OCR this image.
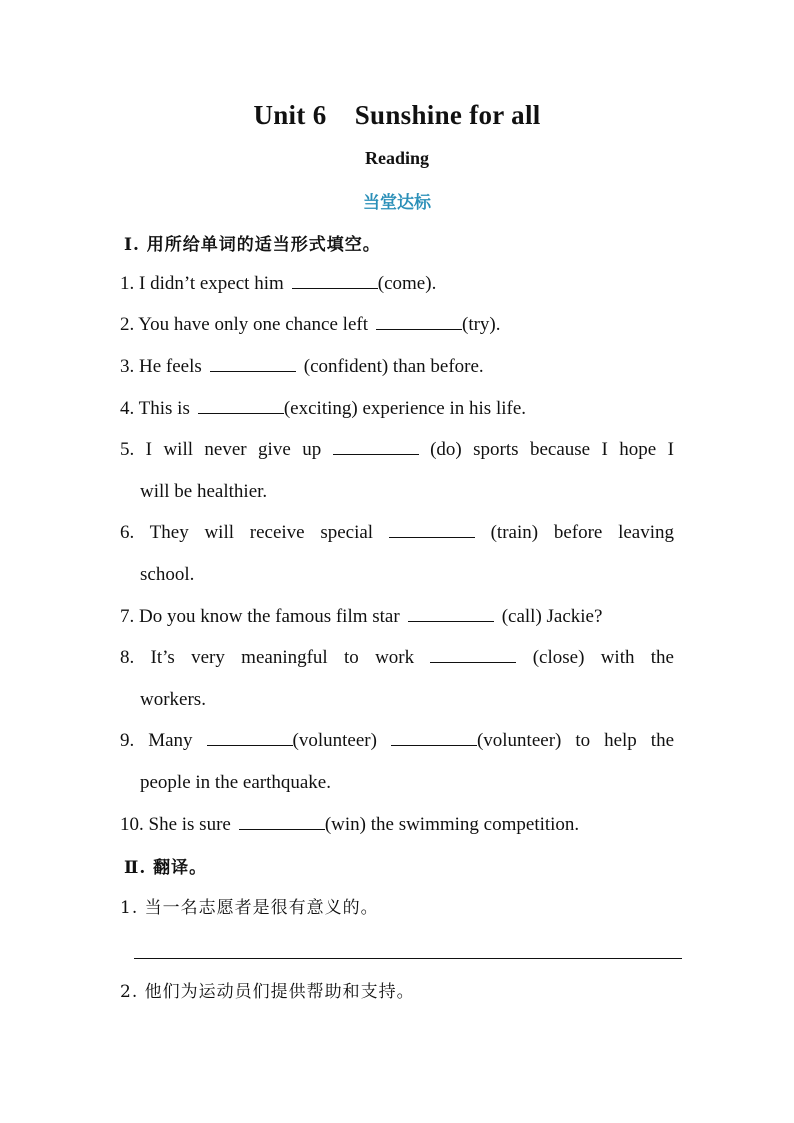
Unit 6    Sunshine for all
Reading
当堂达标
Ⅰ. 用所给单词的适当形式填空。
1. I didn’t expect him	(come).
2. You have only one chance left	(try).
3. He feels	(confident) than before.
4. This is	(exciting) experience in his life.
5. I will never give up	(do) sports because I hope I
will be healthier.
6. They will receive special	(train) before leaving
school.
7. Do you know the famous film star	(call) Jackie?
8. It’s very meaningful to work	(close) with the
workers.
9. Many	(volunteer)	(volunteer) to help the
people in the earthquake.
10. She is sure	(win) the swimming competition.
Ⅱ. 翻译。
1. 当一名志愿者是很有意义的。
2. 他们为运动员们提供帮助和支持。
